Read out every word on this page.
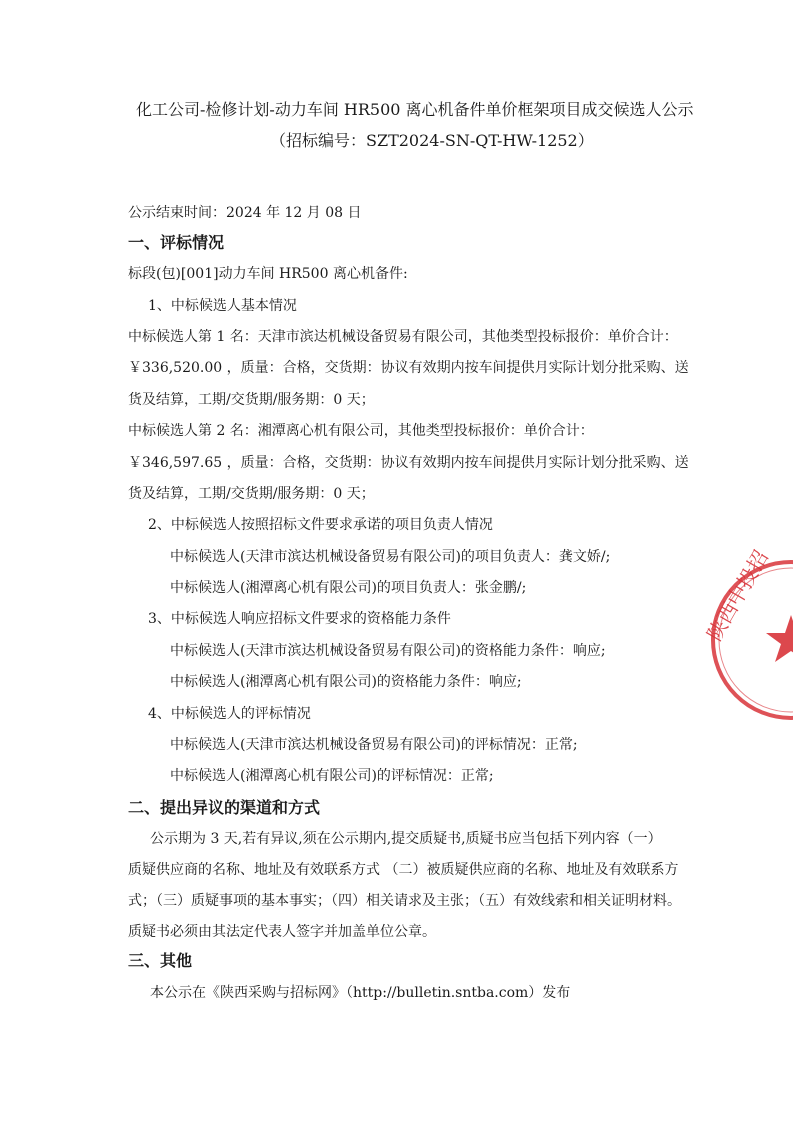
化工公司-检修计划-动力车间 HR500 离心机备件单价框架项目成交候选人公示
（招标编号：SZT2024-SN-QT-HW-1252）
公示结束时间：2024 年 12 月 08 日
一、评标情况
标段(包)[001]动力车间 HR500 离心机备件:
1、中标候选人基本情况
中标候选人第 1 名：天津市滨达机械设备贸易有限公司，其他类型投标报价：单价合计：
￥336,520.00 ，质量：合格，交货期：协议有效期内按车间提供月实际计划分批采购、送
货及结算，工期/交货期/服务期：0 天；
中标候选人第 2 名：湘潭离心机有限公司，其他类型投标报价：单价合计：
￥346,597.65 ，质量：合格，交货期：协议有效期内按车间提供月实际计划分批采购、送
货及结算，工期/交货期/服务期：0 天；
2、中标候选人按照招标文件要求承诺的项目负责人情况
中标候选人(天津市滨达机械设备贸易有限公司)的项目负责人：龚文娇/;
中标候选人(湘潭离心机有限公司)的项目负责人：张金鹏/;
3、中标候选人响应招标文件要求的资格能力条件
中标候选人(天津市滨达机械设备贸易有限公司)的资格能力条件：响应;
中标候选人(湘潭离心机有限公司)的资格能力条件：响应;
4、中标候选人的评标情况
中标候选人(天津市滨达机械设备贸易有限公司)的评标情况：正常;
中标候选人(湘潭离心机有限公司)的评标情况：正常;
二、提出异议的渠道和方式
公示期为 3 天,若有异议,须在公示期内,提交质疑书,质疑书应当包括下列内容（一）
质疑供应商的名称、地址及有效联系方式 （二）被质疑供应商的名称、地址及有效联系方
式；（三）质疑事项的基本事实；（四）相关请求及主张；（五）有效线索和相关证明材料。
质疑书必须由其法定代表人签字并加盖单位公章。
三、其他
本公示在《陕西采购与招标网》（http://bulletin.sntba.com）发布
陕西中投招
